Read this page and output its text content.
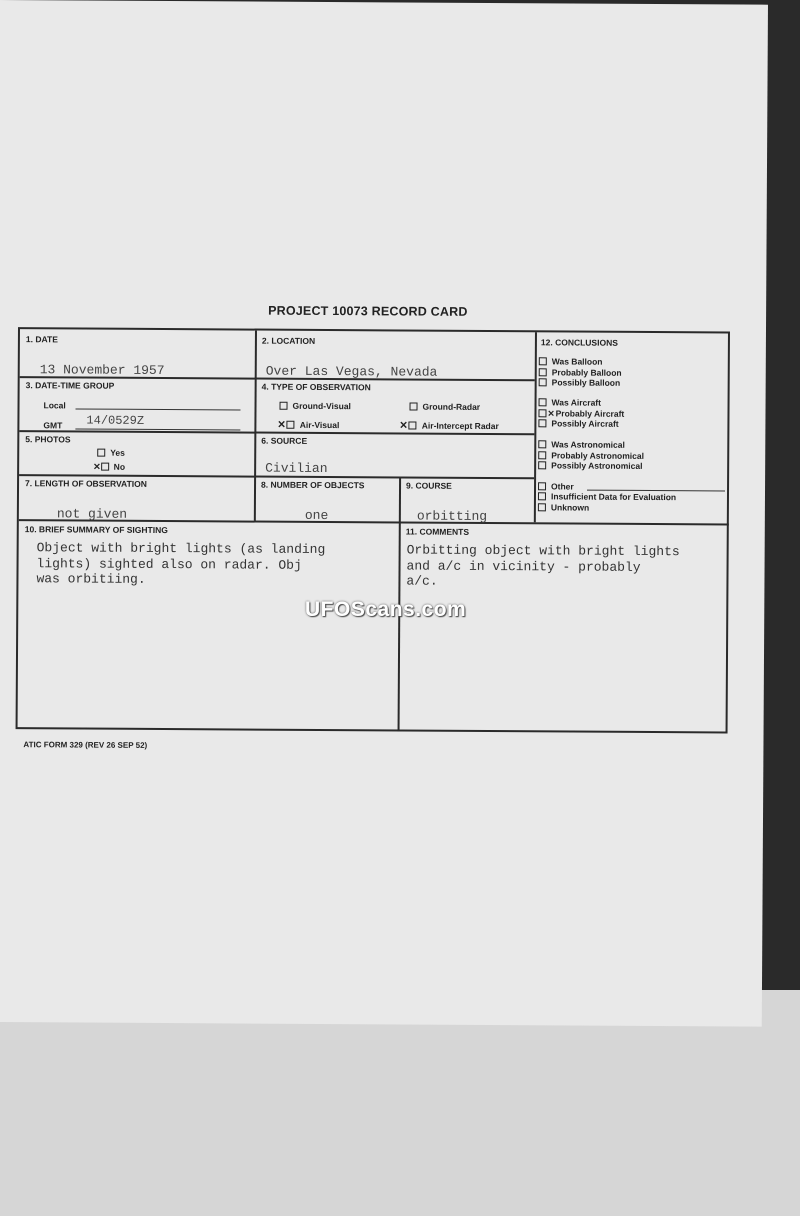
PROJECT 10073 RECORD CARD
1. DATE
13 November 1957
2. LOCATION
Over Las Vegas, Nevada
3. DATE-TIME GROUP
Local
GMT 14/0529Z
4. TYPE OF OBSERVATION
Ground-Visual	Ground-Radar
✕ Air-Visual	✕ Air-Intercept Radar
5. PHOTOS
Yes
✕ No
6. SOURCE
Civilian
7. LENGTH OF OBSERVATION
not given
8. NUMBER OF OBJECTS
one
9. COURSE
orbitting
10. BRIEF SUMMARY OF SIGHTING
Object with bright lights (as landing
lights) sighted also on radar. Obj
was orbitiing.
11. COMMENTS
Orbitting object with bright lights
and a/c in vicinity - probably
a/c.
12. CONCLUSIONS
Was Balloon
Probably Balloon
Possibly Balloon
Was Aircraft
✕Probably Aircraft
Possibly Aircraft
Was Astronomical
Probably Astronomical
Possibly Astronomical
Other
Insufficient Data for Evaluation
Unknown
ATIC FORM 329 (REV 26 SEP 52)
UFOScans.com
